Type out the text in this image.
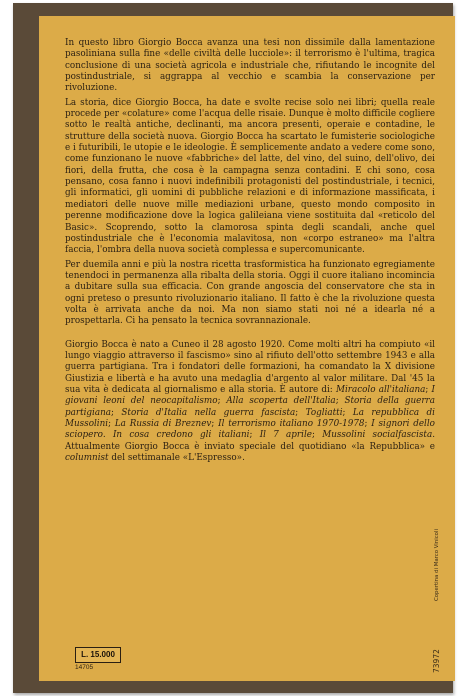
In questo libro Giorgio Bocca avanza una tesi non dissimile dalla lamentazione pasoliniana sulla fine «delle civiltà delle lucciole»: il terrorismo è l'ultima, tragica conclusione di una società agricola e industriale che, rifiutando le incognite del postindustriale, si aggrappa al vecchio e scambia la conservazione per rivoluzione.

La storia, dice Giorgio Bocca, ha date e svolte recise solo nei libri; quella reale procede per «colature» come l'acqua delle risaie. Dunque è molto difficile cogliere sotto le realtà antiche, declinanti, ma ancora presenti, operaie e contadine, le strutture della società nuova. Giorgio Bocca ha scartato le fumisterie sociologiche e i futuribili, le utopie e le ideologie. È semplicemente andato a vedere come sono, come funzionano le nuove «fabbriche» del latte, del vino, del suino, dell'olivo, dei fiori, della frutta, che cosa è la campagna senza contadini. E chi sono, cosa pensano, cosa fanno i nuovi indefinibili protagonisti del postindustriale, i tecnici, gli informatici, gli uomini di pubbliche relazioni e di informazione massificata, i mediatori delle nuove mille mediazioni urbane, questo mondo composito in perenne modificazione dove la logica galileiana viene sostituita dal «reticolo del Basic». Scoprendo, sotto la clamorosa spinta degli scandali, anche quel postindustriale che è l'economia malavitosa, non «corpo estraneo» ma l'altra faccia, l'ombra della nuova società complessa e supercomunicante.

Per duemila anni e più la nostra ricetta trasformistica ha funzionato egregiamente tenendoci in permanenza alla ribalta della storia. Oggi il cuore italiano incomincia a dubitare sulla sua efficacia. Con grande angoscia del conservatore che sta in ogni preteso o presunto rivoluzionario italiano. Il fatto è che la rivoluzione questa volta è arrivata anche da noi. Ma non siamo stati noi né a idearla né a prospettarla. Ci ha pensato la tecnica sovrannazionale.

Giorgio Bocca è nato a Cuneo il 28 agosto 1920. Come molti altri ha compiuto «il lungo viaggio attraverso il fascismo» sino al rifiuto dell'otto settembre 1943 e alla guerra partigiana. Tra i fondatori delle formazioni, ha comandato la X divisione Giustizia e libertà e ha avuto una medaglia d'argento al valor militare. Dal '45 la sua vita è dedicata al giornalismo e alla storia. È autore di: Miracolo all'italiana; I giovani leoni del neocapitalismo; Alla scoperta dell'Italia; Storia della guerra partigiana; Storia d'Italia nella guerra fascista; Togliatti; La repubblica di Mussolini; La Russia di Breznev; Il terrorismo italiano 1970-1978; I signori dello sciopero. In cosa credono gli italiani; Il 7 aprile; Mussolini socialfascista. Attualmente Giorgio Bocca è inviato speciale del quotidiano «la Repubblica» e columnist del settimanale «L'Espresso».

Copertina di Marco Vinicoli
73972
L. 15.000
14705
